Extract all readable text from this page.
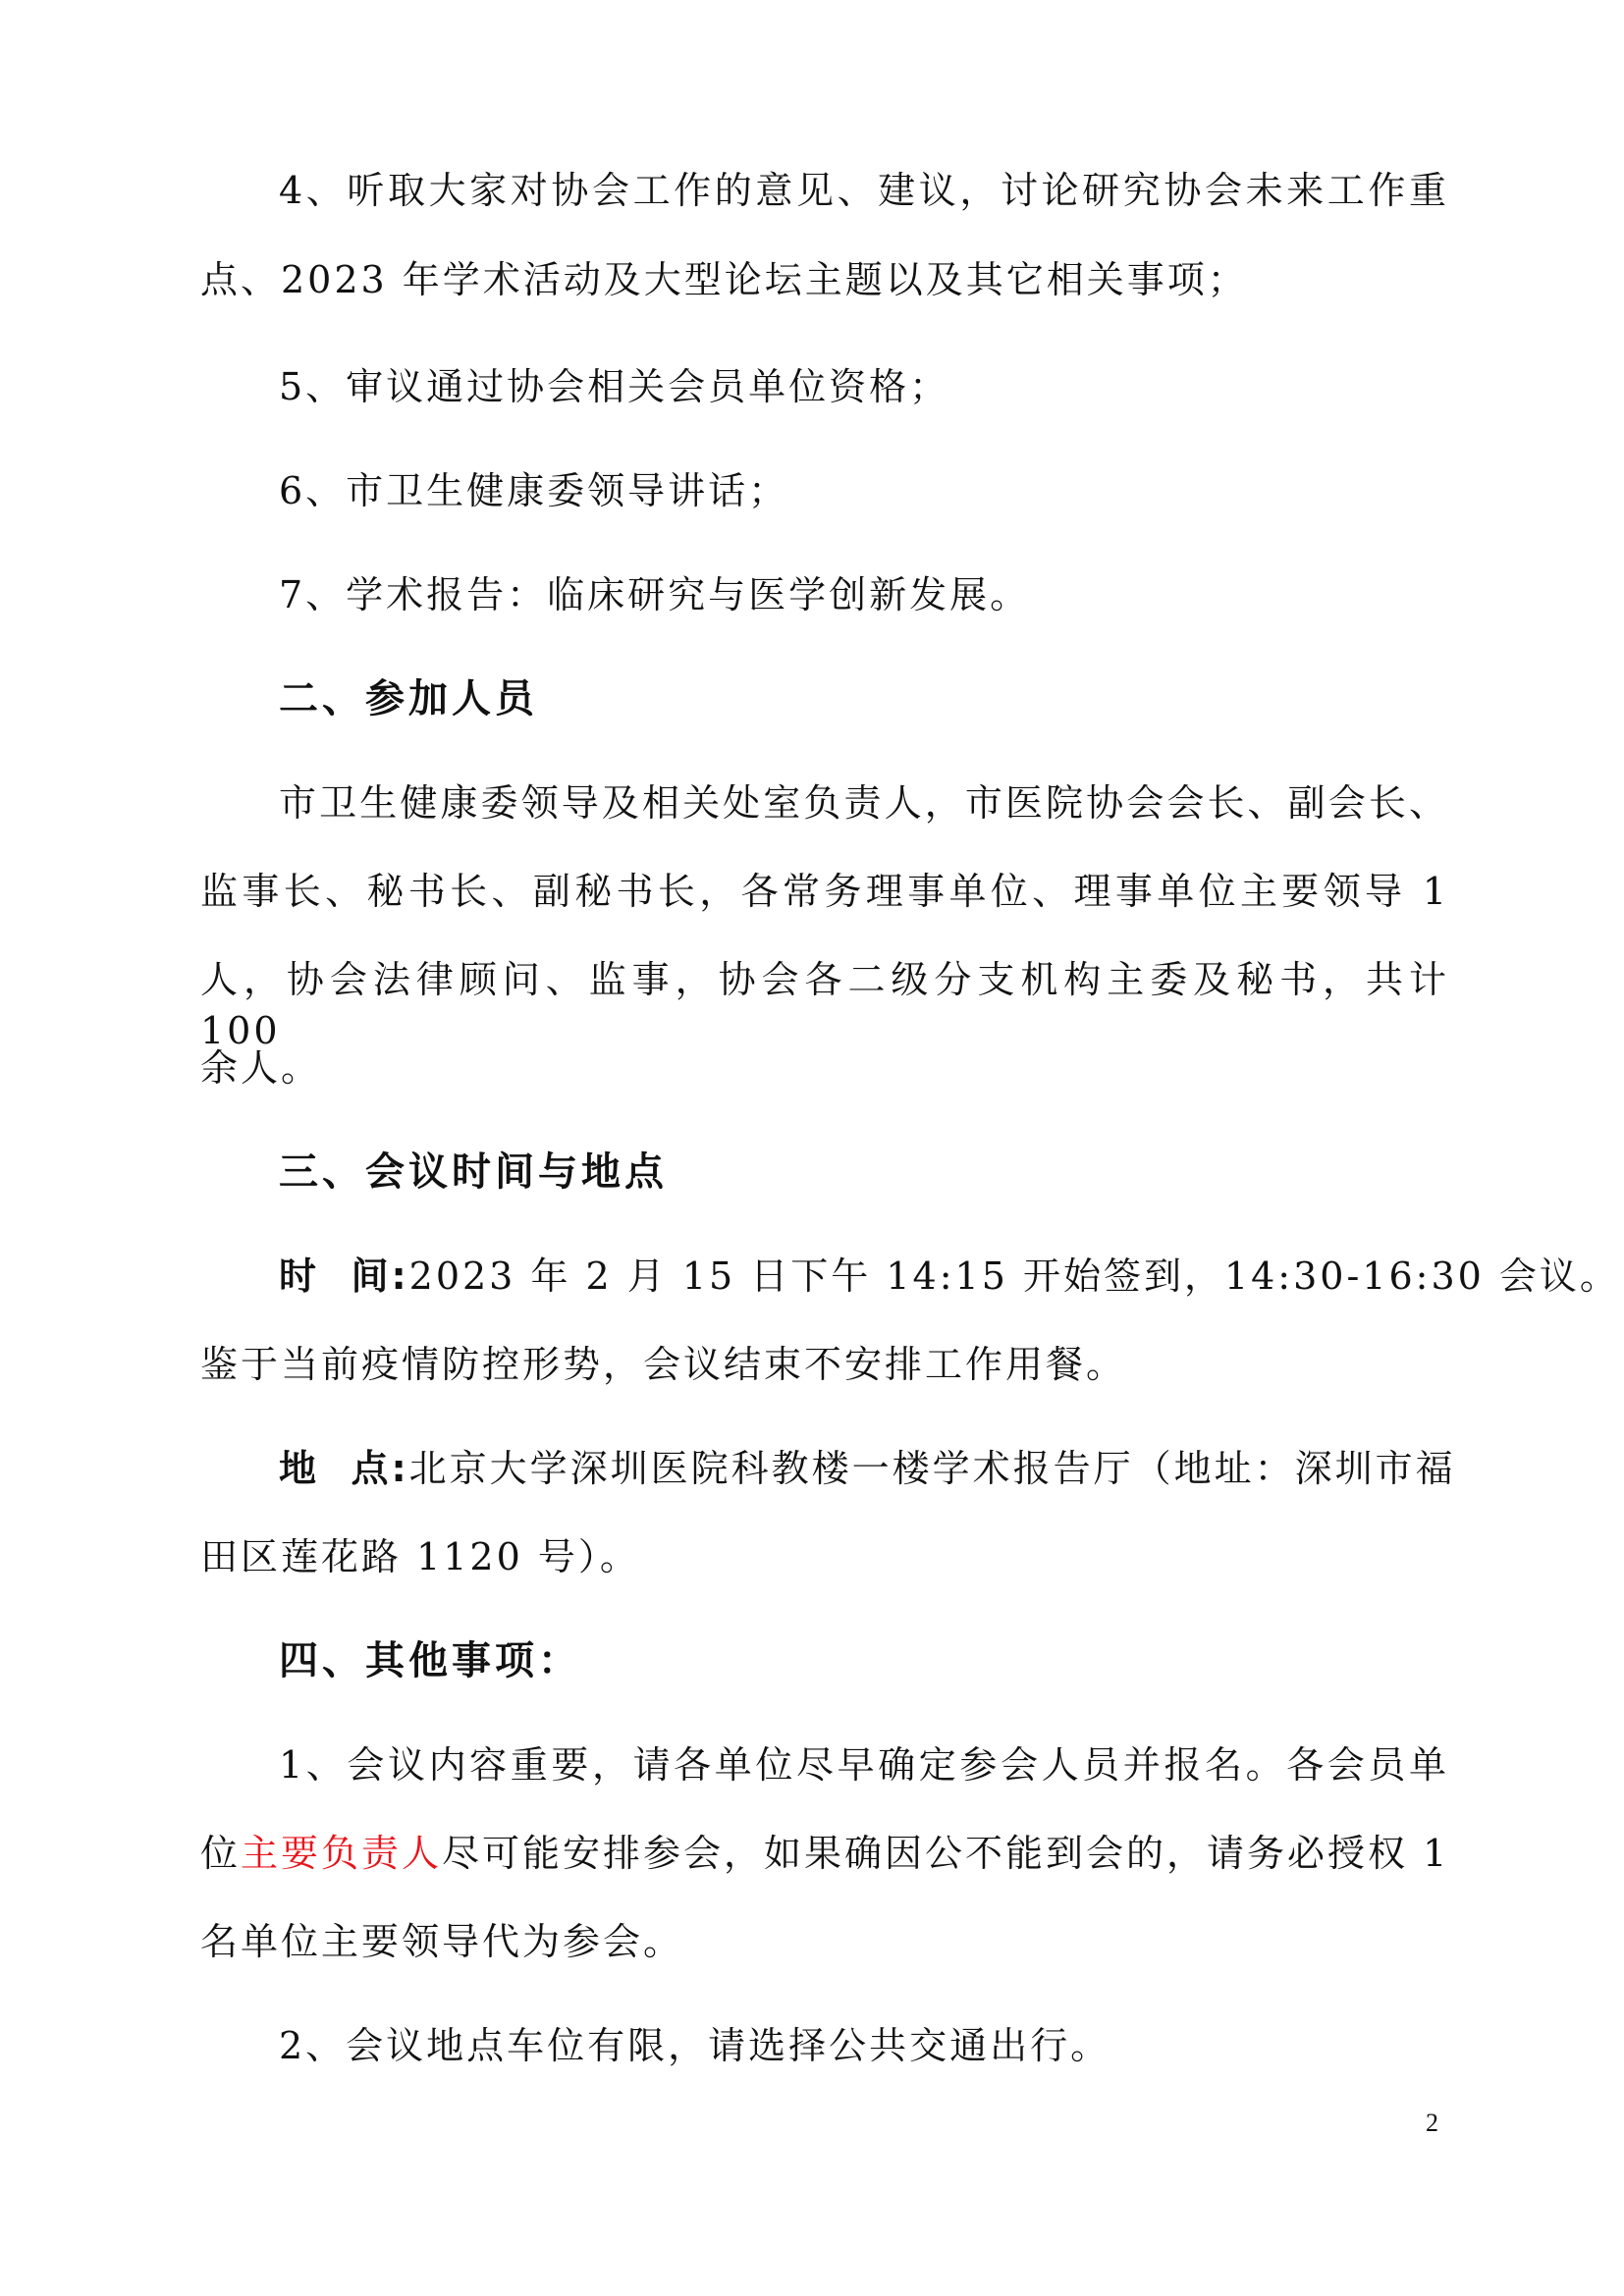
4、听取大家对协会工作的意见、建议，讨论研究协会未来工作重
点、2023 年学术活动及大型论坛主题以及其它相关事项；
5、审议通过协会相关会员单位资格；
6、市卫生健康委领导讲话；
7、学术报告：临床研究与医学创新发展。
二、参加人员
市卫生健康委领导及相关处室负责人，市医院协会会长、副会长、
监事长、秘书长、副秘书长，各常务理事单位、理事单位主要领导 1
人，协会法律顾问、监事，协会各二级分支机构主委及秘书，共计 100
余人。
三、会议时间与地点
时  间:2023 年 2 月 15 日下午 14:15 开始签到，14:30-16:30 会议。
鉴于当前疫情防控形势，会议结束不安排工作用餐。
地  点:北京大学深圳医院科教楼一楼学术报告厅（地址：深圳市福
田区莲花路 1120 号）。
四、其他事项：
1、会议内容重要，请各单位尽早确定参会人员并报名。各会员单
位主要负责人尽可能安排参会，如果确因公不能到会的，请务必授权 1
名单位主要领导代为参会。
2、会议地点车位有限，请选择公共交通出行。
2
